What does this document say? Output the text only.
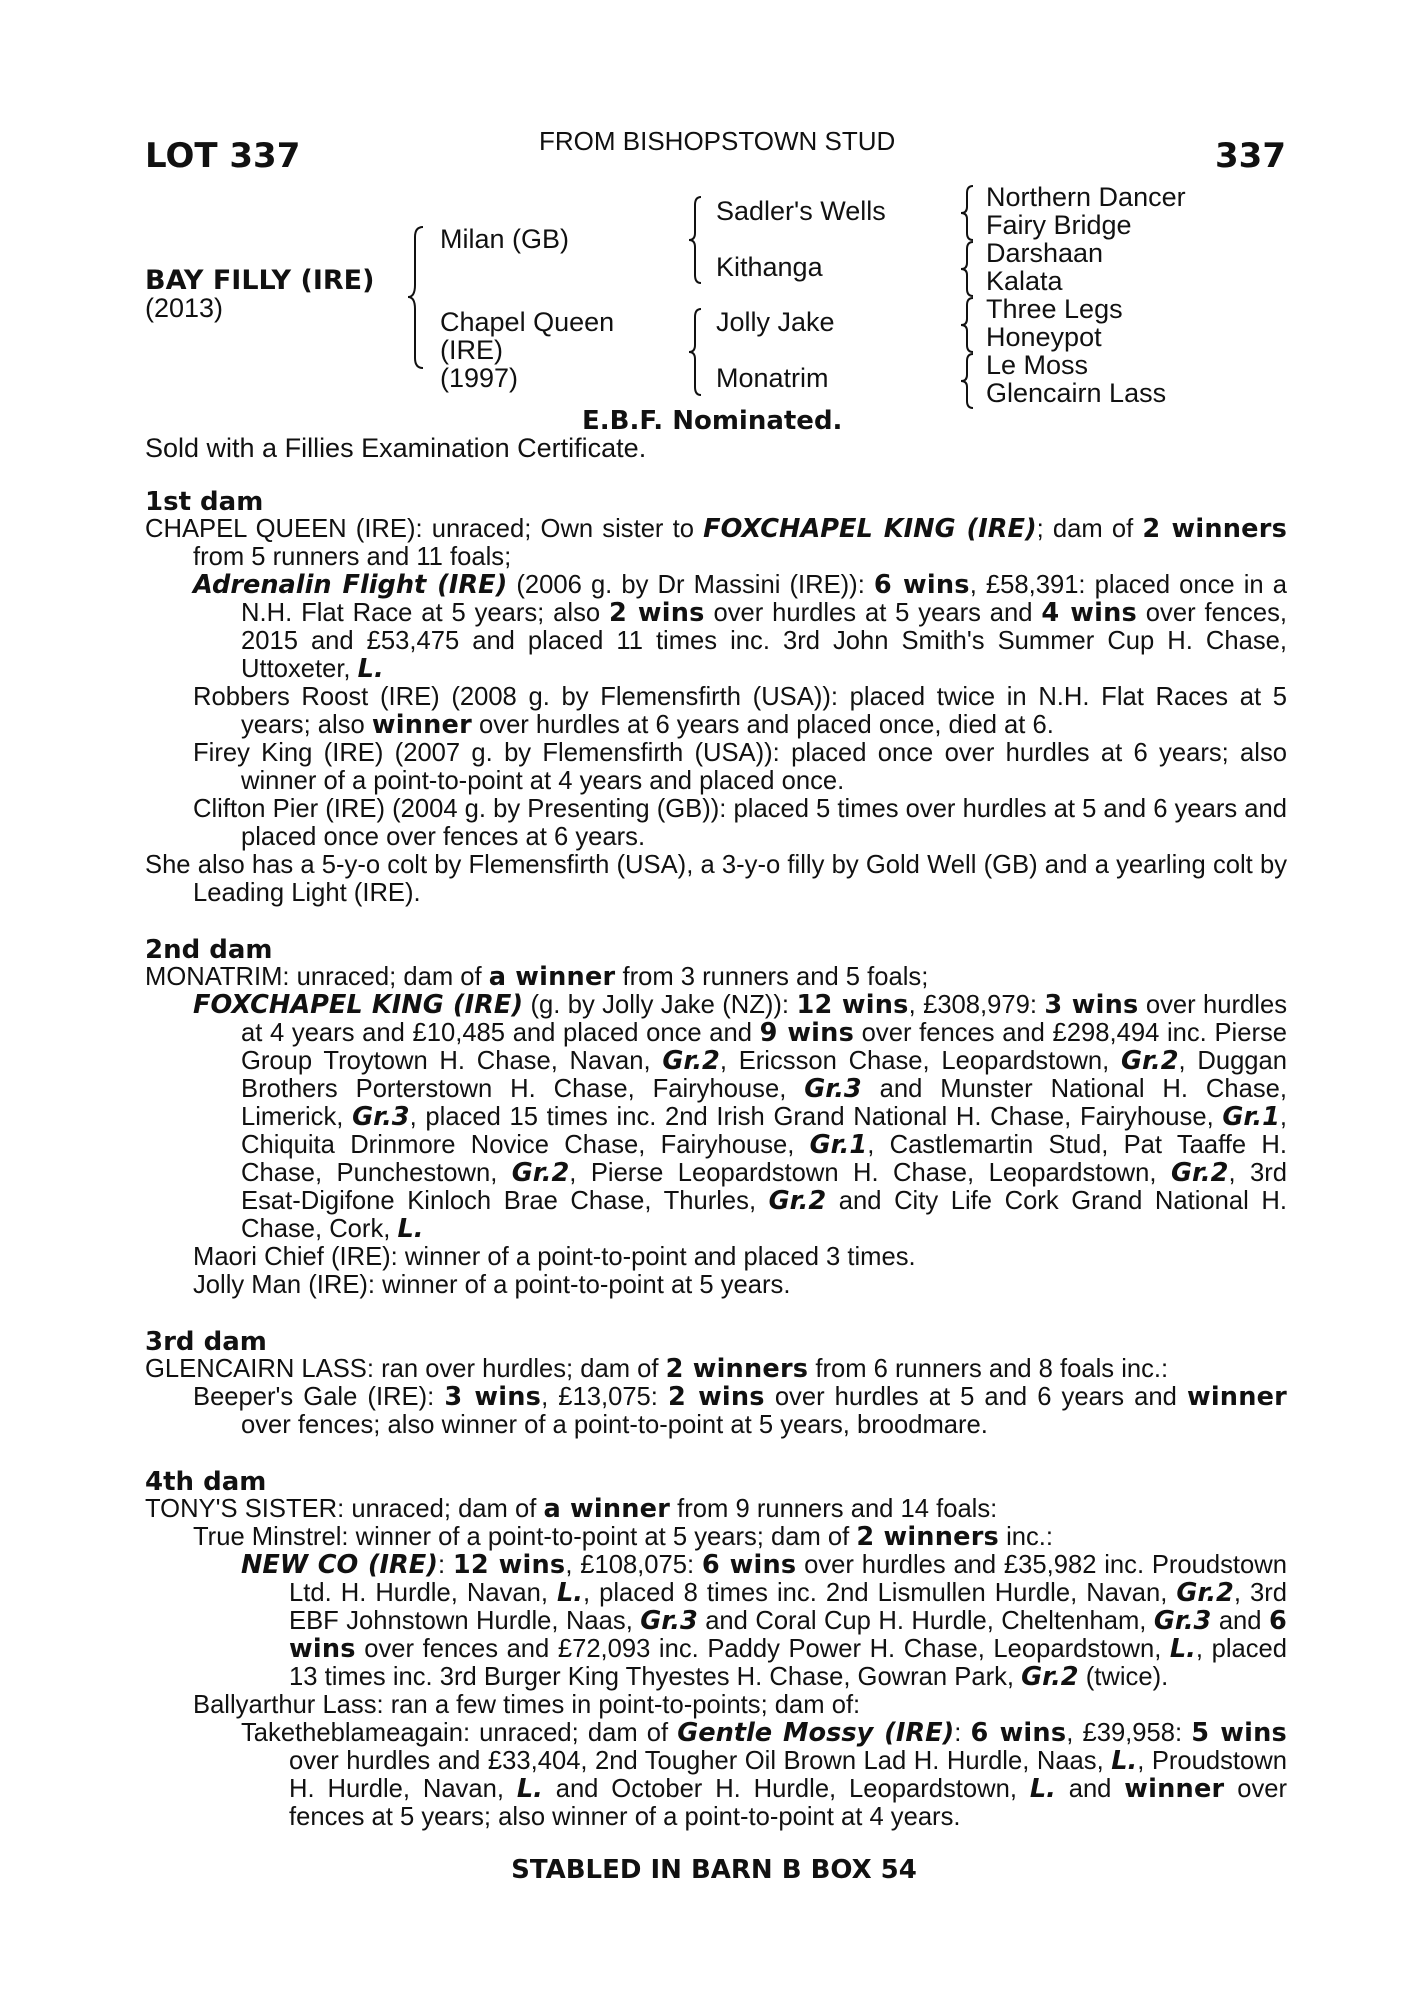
LOT 337	FROM BISHOPSTOWN STUD	337
BAY FILLY (IRE)
(2013)
Milan (GB)
Chapel Queen
(IRE)
(1997)
Sadler's Wells
Kithanga
Jolly Jake
Monatrim
Northern Dancer
Fairy Bridge
Darshaan
Kalata
Three Legs
Honeypot
Le Moss
Glencairn Lass
E.B.F. Nominated.
Sold with a Fillies Examination Certificate.
1st dam

CHAPEL QUEEN (IRE): unraced; Own sister to FOXCHAPEL KING (IRE); dam of 2 winners from 5 runners and 11 foals;

Adrenalin Flight (IRE) (2006 g. by Dr Massini (IRE)): 6 wins, £58,391: placed once in a N.H. Flat Race at 5 years; also 2 wins over hurdles at 5 years and 4 wins over fences, 2015 and £53,475 and placed 11 times inc. 3rd John Smith's Summer Cup H. Chase, Uttoxeter, L.

Robbers Roost (IRE) (2008 g. by Flemensfirth (USA)): placed twice in N.H. Flat Races at 5 years; also winner over hurdles at 6 years and placed once, died at 6.

Firey King (IRE) (2007 g. by Flemensfirth (USA)): placed once over hurdles at 6 years; also winner of a point-to-point at 4 years and placed once.

Clifton Pier (IRE) (2004 g. by Presenting (GB)): placed 5 times over hurdles at 5 and 6 years and placed once over fences at 6 years.

She also has a 5-y-o colt by Flemensfirth (USA), a 3-y-o filly by Gold Well (GB) and a yearling colt by Leading Light (IRE).

2nd dam

MONATRIM: unraced; dam of a winner from 3 runners and 5 foals;

FOXCHAPEL KING (IRE) (g. by Jolly Jake (NZ)): 12 wins, £308,979: 3 wins over hurdles at 4 years and £10,485 and placed once and 9 wins over fences and £298,494 inc. Pierse Group Troytown H. Chase, Navan, Gr.2, Ericsson Chase, Leopardstown, Gr.2, Duggan Brothers Porterstown H. Chase, Fairyhouse, Gr.3 and Munster National H. Chase, Limerick, Gr.3, placed 15 times inc. 2nd Irish Grand National H. Chase, Fairyhouse, Gr.1, Chiquita Drinmore Novice Chase, Fairyhouse, Gr.1, Castlemartin Stud, Pat Taaffe H. Chase, Punchestown, Gr.2, Pierse Leopardstown H. Chase, Leopardstown, Gr.2, 3rd Esat-Digifone Kinloch Brae Chase, Thurles, Gr.2 and City Life Cork Grand National H. Chase, Cork, L.

Maori Chief (IRE): winner of a point-to-point and placed 3 times.

Jolly Man (IRE): winner of a point-to-point at 5 years.

3rd dam

GLENCAIRN LASS: ran over hurdles; dam of 2 winners from 6 runners and 8 foals inc.:

Beeper's Gale (IRE): 3 wins, £13,075: 2 wins over hurdles at 5 and 6 years and winner over fences; also winner of a point-to-point at 5 years, broodmare.

4th dam

TONY'S SISTER: unraced; dam of a winner from 9 runners and 14 foals:

True Minstrel: winner of a point-to-point at 5 years; dam of 2 winners inc.:

NEW CO (IRE): 12 wins, £108,075: 6 wins over hurdles and £35,982 inc. Proudstown Ltd. H. Hurdle, Navan, L., placed 8 times inc. 2nd Lismullen Hurdle, Navan, Gr.2, 3rd EBF Johnstown Hurdle, Naas, Gr.3 and Coral Cup H. Hurdle, Cheltenham, Gr.3 and 6 wins over fences and £72,093 inc. Paddy Power H. Chase, Leopardstown, L., placed 13 times inc. 3rd Burger King Thyestes H. Chase, Gowran Park, Gr.2 (twice).

Ballyarthur Lass: ran a few times in point-to-points; dam of:

Taketheblameagain: unraced; dam of Gentle Mossy (IRE): 6 wins, £39,958: 5 wins over hurdles and £33,404, 2nd Tougher Oil Brown Lad H. Hurdle, Naas, L., Proudstown H. Hurdle, Navan, L. and October H. Hurdle, Leopardstown, L. and winner over fences at 5 years; also winner of a point-to-point at 4 years.

STABLED IN BARN B BOX 54
